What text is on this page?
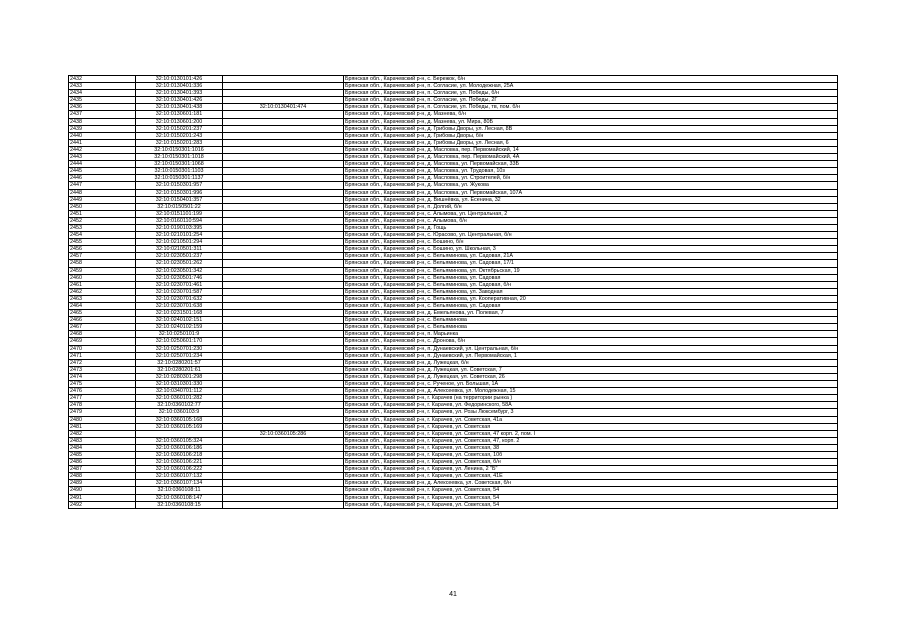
2432	32:10:0130101:426		Брянская обл., Карачевский р-н, с. Бережок, б/н
2433	32:10:0130401:336		Брянская обл., Карачевский р-н, п. Согласие, ул. Молодежная, 25А
2434	32:10:0130401:393		Брянская обл., Карачевский р-н, п. Согласие, ул. Победы, б/н
2435	32:10:0130401:426		Брянская обл., Карачевский р-н, п. Согласие, ул. Победы, 2Г
2436	32:10:0130401:438	32:10:0130401:474	Брянская обл., Карачевский р-н, п. Согласие, ул. Победы, тв, пом. б/н
2437	32:10:0130601:181		Брянская обл., Карачевский р-н, д. Мазнева, б/н
2438	32:10:0130601:200		Брянская обл., Карачевский р-н, д. Мазнева, ул. Мира, 80Б
2439	32:10:0150201:237		Брянская обл., Карачевский р-н, д. Грибовы Дворы, ул. Лесная, 8В
2440	32:10:0150201:243		Брянская обл., Карачевский р-н, д. Грибовы Дворы, б/н
2441	32:10:0150201:283		Брянская обл., Карачевский р-н, д. Грибовы Дворы, ул. Лесная, 6
2442	32:10:0150301:1016		Брянская обл., Карачевский р-н, д. Масловка, пер. Первомайский, 14
2443	32:10:0150301:1018		Брянская обл., Карачевский р-н, д. Масловка, пер. Первомайский, 4А
2444	32:10:0150301:1068		Брянская обл., Карачевский р-н, д. Масловка, ул. Первомайская, 33Б
2445	32:10:0150301:1103		Брянская обл., Карачевский р-н, д. Масловка, ул. Трудовая, 10з
2446	32:10:0150301:1137		Брянская обл., Карачевский р-н, д. Масловка, ул. Строителей, б/н
2447	32:10:0150301:957		Брянская обл., Карачевский р-н, д. Масловка, ул. Жукова
2448	32:10:0150301:996		Брянская обл., Карачевский р-н, д. Масловка, ул. Первомайская, 107А
2449	32:10:0150401:357		Брянская обл., Карачевский р-н, д. Вишнёвка, ул. Есенина, 32
2450	32:10:0150501:22		Брянская обл., Карачевский р-н, п. Долгий, б/н
2451	32:10:0151101:199		Брянская обл., Карачевский р-н, с. Алымова, ул. Центральная, 2
2452	32:10:0160110:594		Брянская обл., Карачевский р-н, с. Алымова, б/н
2453	32:10:0190103:395		Брянская обл., Карачевский р-н, д. Гощь
2454	32:10:0210101:254		Брянская обл., Карачевский р-н, с. Юрасово, ул. Центральная, б/н
2455	32:10:0210501:294		Брянская обл., Карачевский р-н, с. Бошино, б/н
2456	32:10:0210501:311		Брянская обл., Карачевский р-н, с. Бошино, ул. Школьная, 3
2457	32:10:0230501:237		Брянская обл., Карачевский р-н, с. Вельяминова, ул. Садовая, 21А
2458	32:10:0230501:262		Брянская обл., Карачевский р-н, с. Вельяминова, ул. Садовая, 17/1
2459	32:10:0230501:342		Брянская обл., Карачевский р-н, с. Вельяминова, ул. Октябрьская, 19
2460	32:10:0230501:746		Брянская обл., Карачевский р-н, с. Вельяминова, ул. Садовая
2461	32:10:0230701:461		Брянская обл., Карачевский р-н, с. Вельяминова, ул. Садовая, б/н
2462	32:10:0230701:587		Брянская обл., Карачевский р-н, с. Вельяминова, ул. Заводная
2463	32:10:0230701:632		Брянская обл., Карачевский р-н, с. Вельяминова, ул. Кооперативная, 20
2464	32:10:0230701:638		Брянская обл., Карачевский р-н, с. Вельяминова, ул. Садовая
2465	32:10:0231501:168		Брянская обл., Карачевский р-н, д. Емельянова, ул. Полевая, 7
2466	32:10:0240102:151		Брянская обл., Карачевский р-н, с. Вельяминова
2467	32:10:0240102:159		Брянская обл., Карачевский р-н, с. Вельяминова
2468	32:10:0250101:9		Брянская обл., Карачевский р-н, п. Марьинка
2469	32:10:0250601:170		Брянская обл., Карачевский р-н, с. Дронова, б/н
2470	32:10:0250701:230		Брянская обл., Карачевский р-н, п. Дунаевский, ул. Центральная, б/н
2471	32:10:0250701:234		Брянская обл., Карачевский р-н, п. Дунаевский, ул. Первомайская, 1
2472	32:10:0280201:57		Брянская обл., Карачевский р-н, д. Лужецкая, б/н
2473	32:10:0280201:61		Брянская обл., Карачевский р-н, д. Лужецкая, ул. Советская, 7
2474	32:10:0280301:298		Брянская обл., Карачевский р-н, д. Лужецкая, ул. Советская, 26
2475	32:10:0310301:330		Брянская обл., Карачевский р-н, с. Рученое, ул. Большая, 1А
2476	32:10:0340701:112		Брянская обл., Карачевский р-н, д. Алексеевка, ул. Молодежная, 15
2477	32:10:0360101:282		Брянская обл., Карачевский р-н, г. Карачев (на территории рынка )
2478	32:10:0360102:77		Брянская обл., Карачевский р-н, г. Карачев, ул. Федоринского, 58А
2479	32:10:0360103:9		Брянская обл., Карачевский р-н, г. Карачев, ул. Розы Люксембург, 3
2480	32:10:0360105:168		Брянская обл., Карачевский р-н, г. Карачев, ул. Советская, 41а
2481	32:10:0360105:169		Брянская обл., Карачевский р-н, г. Карачев, ул. Советская
2482		32:10:0360105:286	Брянская обл., Карачевский р-н, г. Карачев, ул. Советская, 47 корп. 2, пом. I
2483	32:10:0360105:324		Брянская обл., Карачевский р-н, г. Карачев, ул. Советская, 47, корп. 2
2484	32:10:0360106:186		Брянская обл., Карачевский р-н, г. Карачев, ул. Советская, 38
2485	32:10:0360106:218		Брянская обл., Карачевский р-н, г. Карачев, ул. Советская, 10б
2486	32:10:0360106:221		Брянская обл., Карачевский р-н, г. Карачев, ул. Советская, б/н
2487	32:10:0360106:222		Брянская обл., Карачевский р-н, г. Карачев, ул. Ленина, 2 "Б"
2488	32:10:0360107:132		Брянская обл., Карачевский р-н, г. Карачев, ул. Советская, 41Е
2489	32:10:0360107:134		Брянская обл., Карачевский р-н, д. Алексеевка, ул. Советская, б/н
2490	32:10:0360108:11		Брянская обл., Карачевский р-н, г. Карачев, ул. Советская, 54
2491	32:10:0360108:147		Брянская обл., Карачевский р-н, г. Карачев, ул. Советская, 54
2492	32:10:0360108:15		Брянская обл., Карачевский р-н, г. Карачев, ул. Советская, 54
41
